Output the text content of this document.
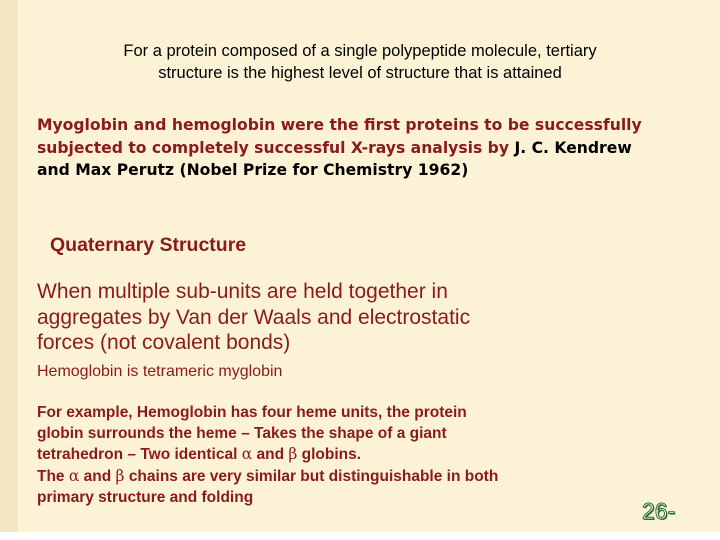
For a protein composed of a single polypeptide molecule, tertiary
structure is the highest level of structure that is attained
Myoglobin and hemoglobin were the first proteins to be successfully subjected to completely successful X-rays analysis by J. C. Kendrew and Max Perutz (Nobel Prize for Chemistry 1962)
Quaternary Structure
When multiple sub-units are held together in
aggregates by Van der Waals and electrostatic
forces (not covalent bonds)
Hemoglobin is tetrameric myglobin
For example, Hemoglobin has four heme units, the protein
globin surrounds the heme – Takes the shape of a giant
tetrahedron – Two identical α and β globins.
The α and β chains are very similar but distinguishable in both
primary structure and folding
26-
